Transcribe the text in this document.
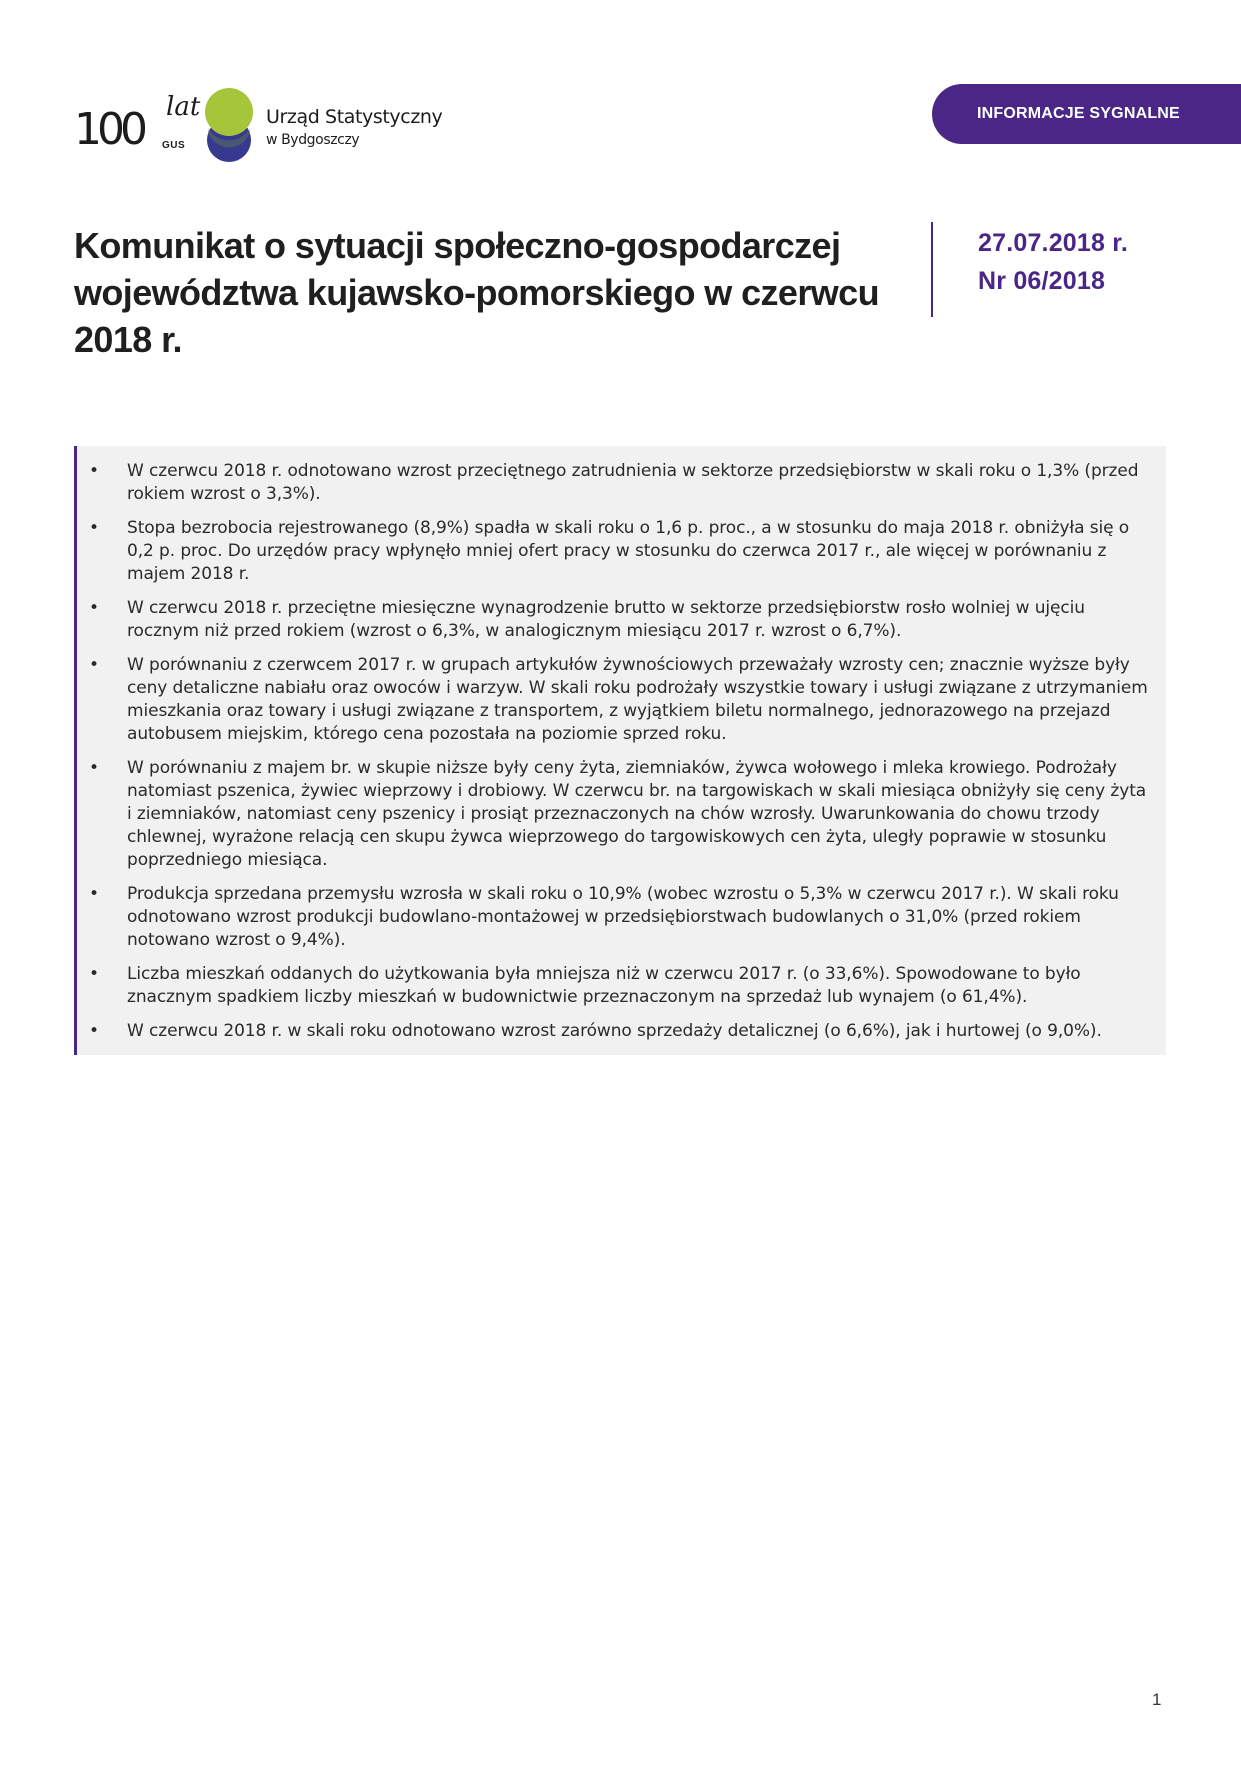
100 lat
GUS
Urząd Statystyczny
w Bydgoszczy
INFORMACJE SYGNALNE
Komunikat o sytuacji społeczno-gospodarczej województwa kujawsko-pomorskiego w czerwcu 2018 r.
27.07.2018 r.
Nr 06/2018
• W czerwcu 2018 r. odnotowano wzrost przeciętnego zatrudnienia w sektorze przedsiębiorstw w skali roku o 1,3% (przed rokiem wzrost o 3,3%).
• Stopa bezrobocia rejestrowanego (8,9%) spadła w skali roku o 1,6 p. proc., a w stosunku do maja 2018 r. obniżyła się o 0,2 p. proc. Do urzędów pracy wpłynęło mniej ofert pracy w stosunku do czerwca 2017 r., ale więcej w porównaniu z majem 2018 r.
• W czerwcu 2018 r. przeciętne miesięczne wynagrodzenie brutto w sektorze przedsiębiorstw rosło wolniej w ujęciu rocznym niż przed rokiem (wzrost o 6,3%, w analogicznym miesiącu 2017 r. wzrost o 6,7%).
• W porównaniu z czerwcem 2017 r. w grupach artykułów żywnościowych przeważały wzrosty cen; znacznie wyższe były ceny detaliczne nabiału oraz owoców i warzyw. W skali roku podrożały wszystkie towary i usługi związane z utrzymaniem mieszkania oraz towary i usługi związane z transportem, z wyjątkiem biletu normalnego, jednorazowego na przejazd autobusem miejskim, którego cena pozostała na poziomie sprzed roku.
• W porównaniu z majem br. w skupie niższe były ceny żyta, ziemniaków, żywca wołowego i mleka krowiego. Podrożały natomiast pszenica, żywiec wieprzowy i drobiowy. W czerwcu br. na targowiskach w skali miesiąca obniżyły się ceny żyta i ziemniaków, natomiast ceny pszenicy i prosiąt przeznaczonych na chów wzrosły. Uwarunkowania do chowu trzody chlewnej, wyrażone relacją cen skupu żywca wieprzowego do targowiskowych cen żyta, uległy poprawie w stosunku poprzedniego miesiąca.
• Produkcja sprzedana przemysłu wzrosła w skali roku o 10,9% (wobec wzrostu o 5,3% w czerwcu 2017 r.). W skali roku odnotowano wzrost produkcji budowlano-montażowej w przedsiębiorstwach budowlanych o 31,0% (przed rokiem notowano wzrost o 9,4%).
• Liczba mieszkań oddanych do użytkowania była mniejsza niż w czerwcu 2017 r. (o 33,6%). Spowodowane to było znacznym spadkiem liczby mieszkań w budownictwie przeznaczonym na sprzedaż lub wynajem (o 61,4%).
• W czerwcu 2018 r. w skali roku odnotowano wzrost zarówno sprzedaży detalicznej (o 6,6%), jak i hurtowej (o 9,0%).
1
